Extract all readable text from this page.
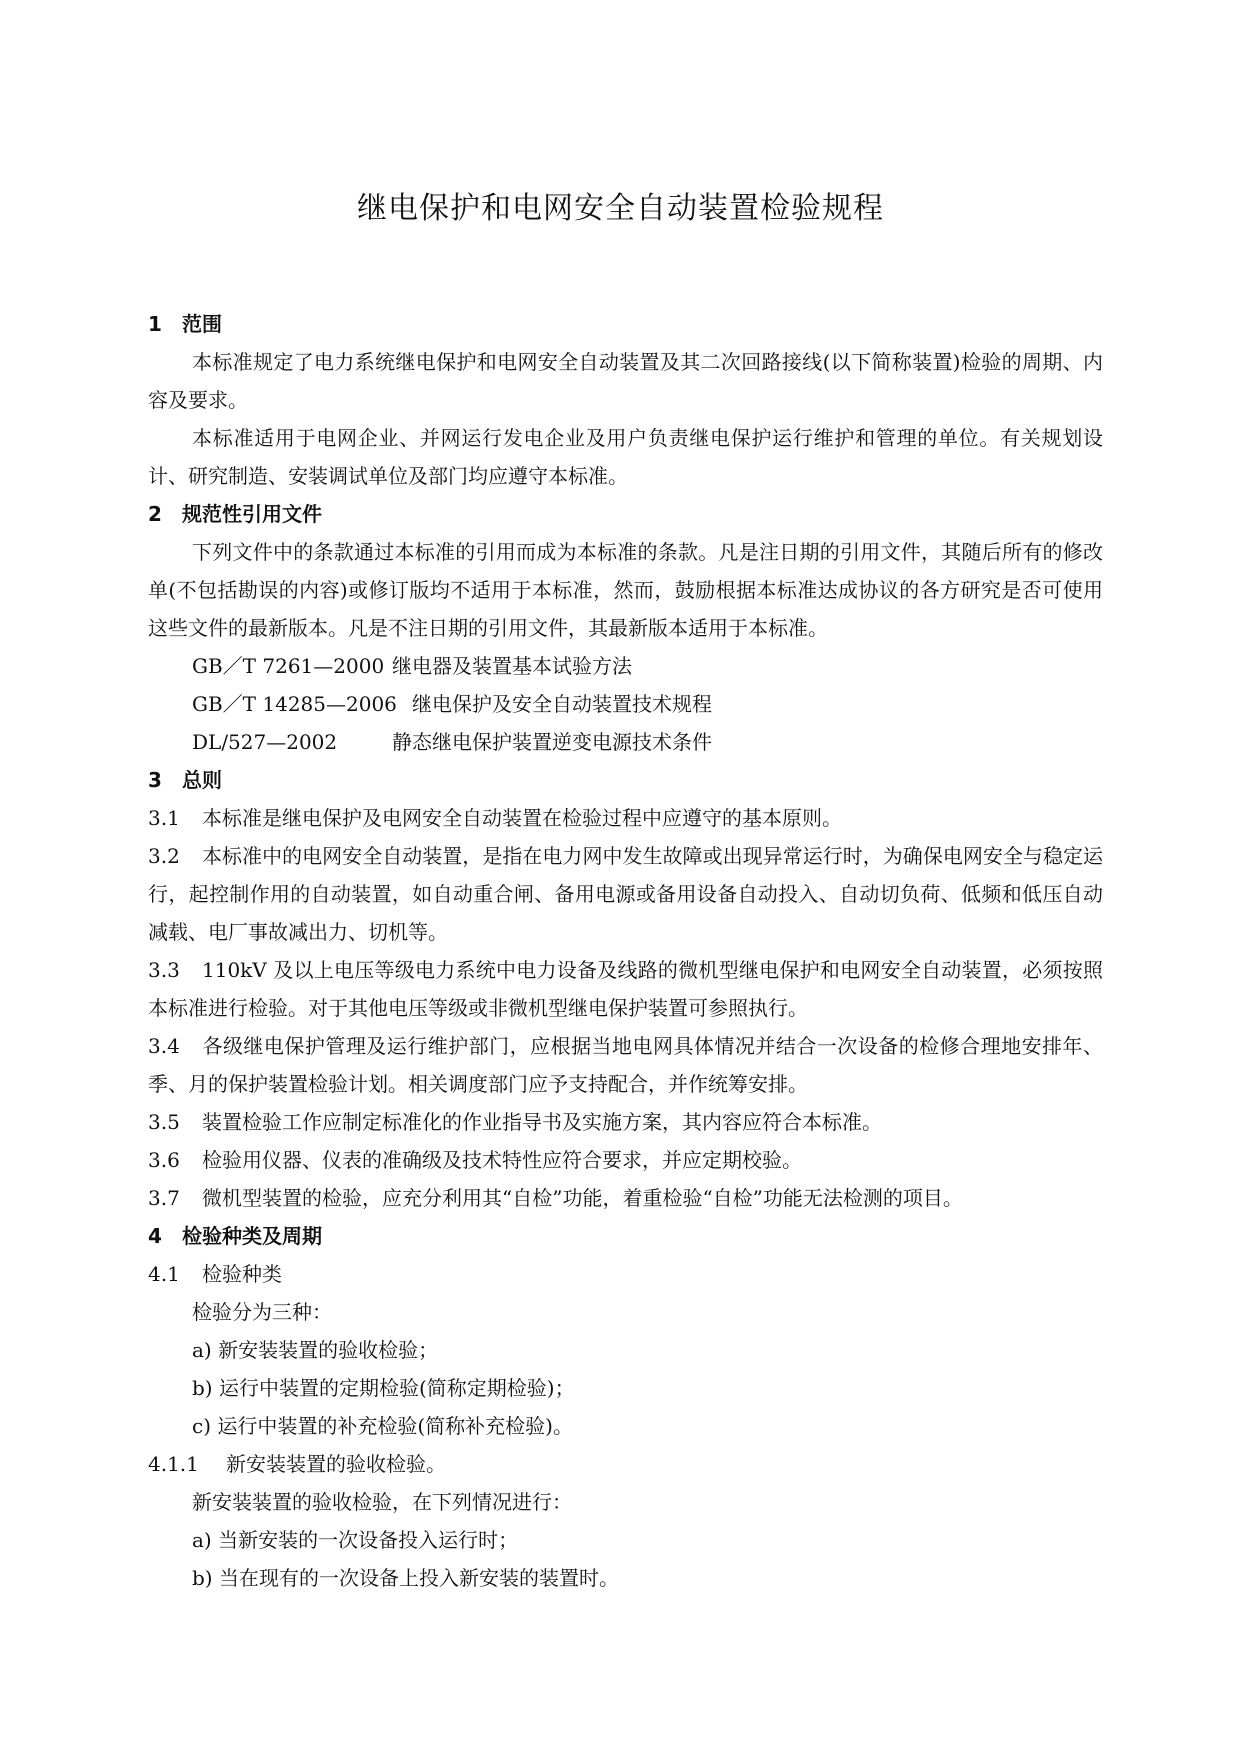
继电保护和电网安全自动装置检验规程
1 范围

本标准规定了电力系统继电保护和电网安全自动装置及其二次回路接线(以下简称装置)检验的周期、内容及要求。

本标准适用于电网企业、并网运行发电企业及用户负责继电保护运行维护和管理的单位。有关规划设计、研究制造、安装调试单位及部门均应遵守本标准。

2 规范性引用文件

下列文件中的条款通过本标准的引用而成为本标准的条款。凡是注日期的引用文件，其随后所有的修改单(不包括勘误的内容)或修订版均不适用于本标准，然而，鼓励根据本标准达成协议的各方研究是否可使用这些文件的最新版本。凡是不注日期的引用文件，其最新版本适用于本标准。

GB／T 7261—2000 继电器及装置基本试验方法
GB／T 14285—2006 继电保护及安全自动装置技术规程
DL/527—2002	静态继电保护装置逆变电源技术条件
3 总则

3.1 本标准是继电保护及电网安全自动装置在检验过程中应遵守的基本原则。

3.2 本标准中的电网安全自动装置，是指在电力网中发生故障或出现异常运行时，为确保电网安全与稳定运行，起控制作用的自动装置，如自动重合闸、备用电源或备用设备自动投入、自动切负荷、低频和低压自动减载、电厂事故减出力、切机等。

3.3 110kV 及以上电压等级电力系统中电力设备及线路的微机型继电保护和电网安全自动装置，必须按照本标准进行检验。对于其他电压等级或非微机型继电保护装置可参照执行。

3.4 各级继电保护管理及运行维护部门，应根据当地电网具体情况并结合一次设备的检修合理地安排年、季、月的保护装置检验计划。相关调度部门应予支持配合，并作统筹安排。

3.5 装置检验工作应制定标准化的作业指导书及实施方案，其内容应符合本标准。

3.6 检验用仪器、仪表的准确级及技术特性应符合要求，并应定期校验。

3.7 微机型装置的检验，应充分利用其“自检”功能，着重检验“自检”功能无法检测的项目。

4 检验种类及周期
4.1 检验种类
检验分为三种：
a) 新安装装置的验收检验；
b) 运行中装置的定期检验(简称定期检验)；
c) 运行中装置的补充检验(简称补充检验)。
4.1.1 新安装装置的验收检验。
新安装装置的验收检验，在下列情况进行：
a) 当新安装的一次设备投入运行时；
b) 当在现有的一次设备上投入新安装的装置时。
